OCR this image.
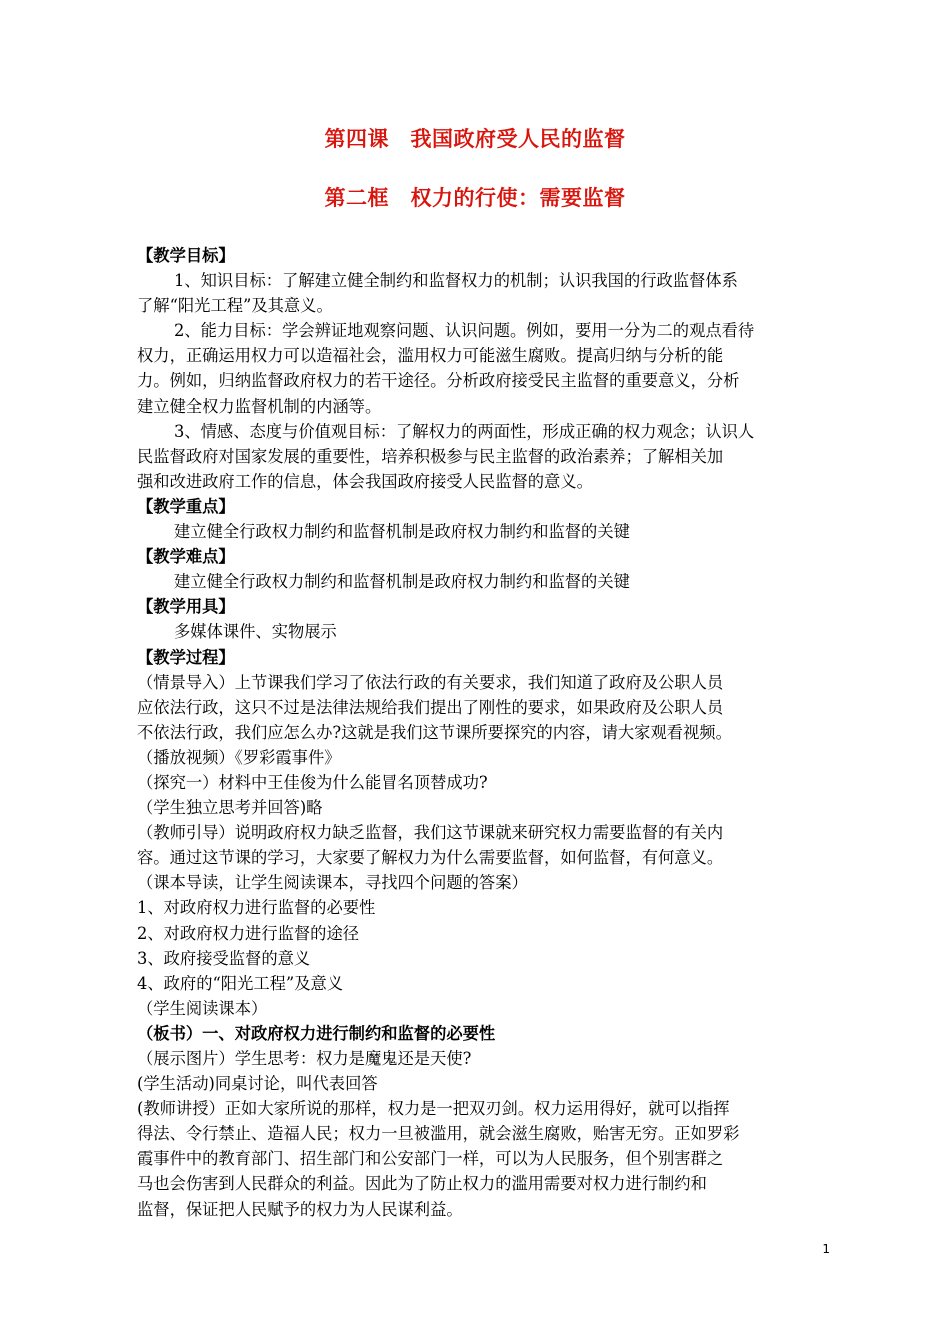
第四课　我国政府受人民的监督
第二框　权力的行使：需要监督
【教学目标】
1、知识目标：了解建立健全制约和监督权力的机制；认识我国的行政监督体系
了解“阳光工程”及其意义。
2、能力目标：学会辨证地观察问题、认识问题。例如，要用一分为二的观点看待
权力，正确运用权力可以造福社会，滥用权力可能滋生腐败。提高归纳与分析的能
力。例如，归纳监督政府权力的若干途径。分析政府接受民主监督的重要意义，分析
建立健全权力监督机制的内涵等。
3、情感、态度与价值观目标：了解权力的两面性，形成正确的权力观念；认识人
民监督政府对国家发展的重要性，培养积极参与民主监督的政治素养；了解相关加
强和改进政府工作的信息，体会我国政府接受人民监督的意义。
【教学重点】
建立健全行政权力制约和监督机制是政府权力制约和监督的关键
【教学难点】
建立健全行政权力制约和监督机制是政府权力制约和监督的关键
【教学用具】
多媒体课件、实物展示
【教学过程】
（情景导入）上节课我们学习了依法行政的有关要求，我们知道了政府及公职人员
应依法行政，这只不过是法律法规给我们提出了刚性的要求，如果政府及公职人员
不依法行政，我们应怎么办?这就是我们这节课所要探究的内容，请大家观看视频。
（播放视频）《罗彩霞事件》
（探究一）材料中王佳俊为什么能冒名顶替成功?
（学生独立思考并回答)略
（教师引导）说明政府权力缺乏监督，我们这节课就来研究权力需要监督的有关内
容。通过这节课的学习，大家要了解权力为什么需要监督，如何监督，有何意义。
（课本导读，让学生阅读课本，寻找四个问题的答案）
1、对政府权力进行监督的必要性
2、对政府权力进行监督的途径
3、政府接受监督的意义
4、政府的“阳光工程”及意义
（学生阅读课本）
（板书）一、对政府权力进行制约和监督的必要性
（展示图片）学生思考：权力是魔鬼还是天使?
(学生活动)同桌讨论，叫代表回答
(教师讲授）正如大家所说的那样，权力是一把双刃剑。权力运用得好，就可以指挥
得法、令行禁止、造福人民；权力一旦被滥用，就会滋生腐败，贻害无穷。正如罗彩
霞事件中的教育部门、招生部门和公安部门一样，可以为人民服务，但个别害群之
马也会伤害到人民群众的利益。因此为了防止权力的滥用需要对权力进行制约和
监督，保证把人民赋予的权力为人民谋利益。
1
